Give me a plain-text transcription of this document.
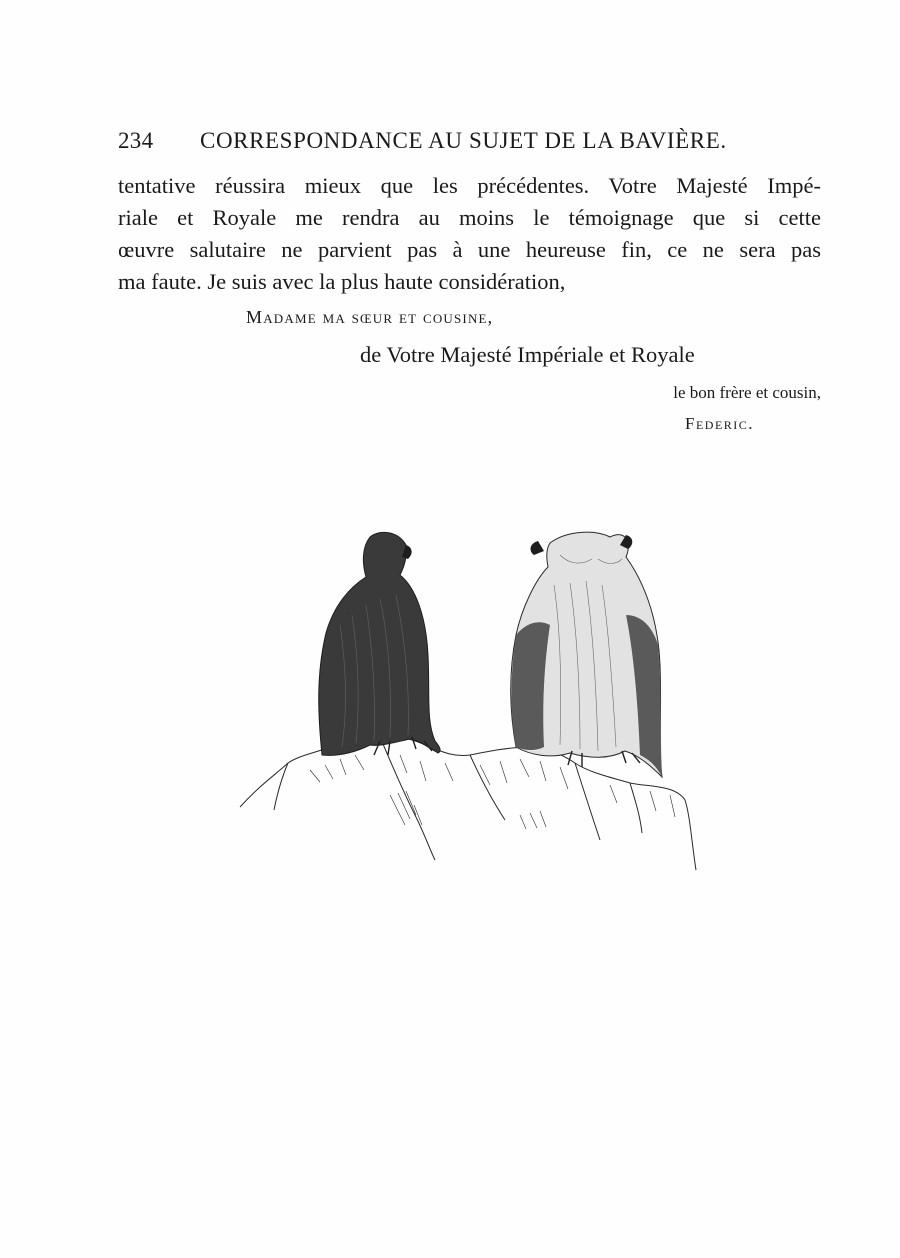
234 CORRESPONDANCE AU SUJET DE LA BAVIÈRE.
tentative réussira mieux que les précédentes. Votre Majesté Impé-
riale et Royale me rendra au moins le témoignage que si cette
œuvre salutaire ne parvient pas à une heureuse fin, ce ne sera pas
ma faute. Je suis avec la plus haute considération,
Madame ma sœur et cousine,
de Votre Majesté Impériale et Royale
le bon frère et cousin,
Federic.
